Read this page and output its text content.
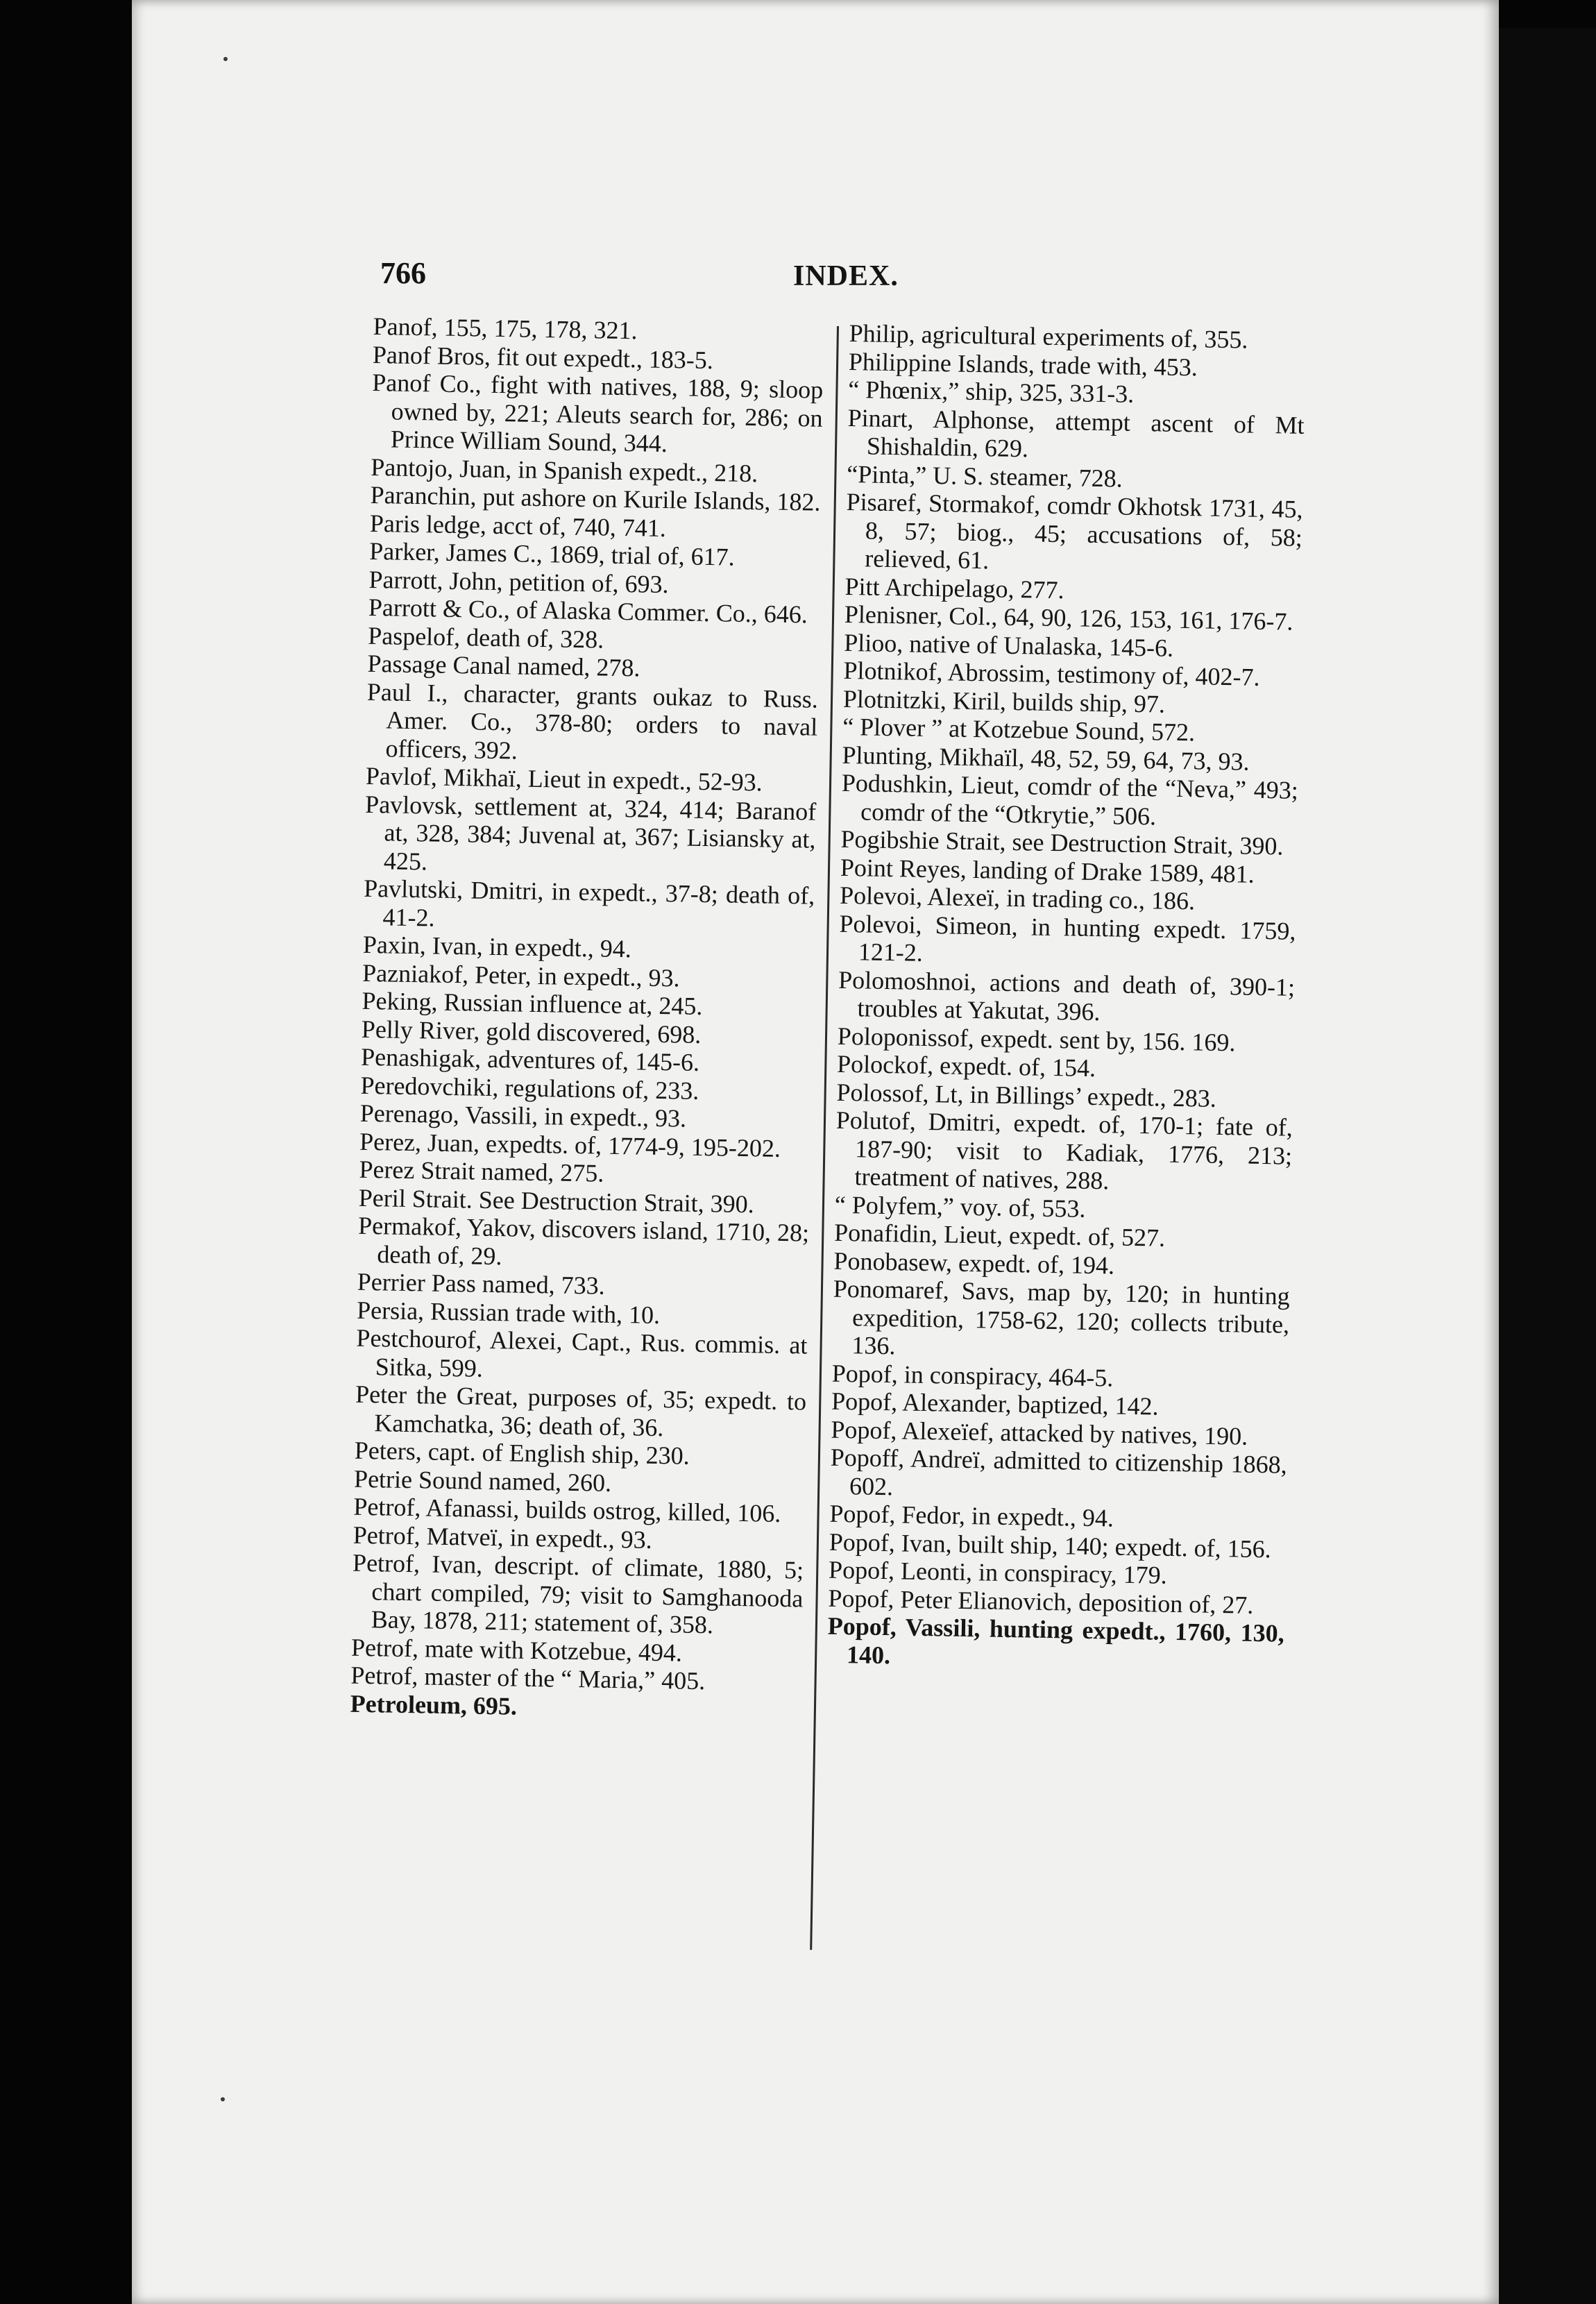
766	INDEX.

Panof, 155, 175, 178, 321.

Panof Bros, fit out expedt., 183-5.

Panof Co., fight with natives, 188, 9; sloop owned by, 221; Aleuts search for, 286; on Prince William Sound, 344.

Pantojo, Juan, in Spanish expedt., 218.

Paranchin, put ashore on Kurile Islands, 182.

Paris ledge, acct of, 740, 741.

Parker, James C., 1869, trial of, 617.

Parrott, John, petition of, 693.

Parrott & Co., of Alaska Commer. Co., 646.

Paspelof, death of, 328.

Passage Canal named, 278.

Paul I., character, grants oukaz to Russ. Amer. Co., 378-80; orders to naval officers, 392.

Pavlof, Mikhaï, Lieut in expedt., 52-93.

Pavlovsk, settlement at, 324, 414; Baranof at, 328, 384; Juvenal at, 367; Lisiansky at, 425.

Pavlutski, Dmitri, in expedt., 37-8; death of, 41-2.

Paxin, Ivan, in expedt., 94.

Pazniakof, Peter, in expedt., 93.

Peking, Russian influence at, 245.

Pelly River, gold discovered, 698.

Penashigak, adventures of, 145-6.

Peredovchiki, regulations of, 233.

Perenago, Vassili, in expedt., 93.

Perez, Juan, expedts. of, 1774-9, 195-202.

Perez Strait named, 275.

Peril Strait. See Destruction Strait, 390.

Permakof, Yakov, discovers island, 1710, 28; death of, 29.

Perrier Pass named, 733.

Persia, Russian trade with, 10.

Pestchourof, Alexei, Capt., Rus. commis. at Sitka, 599.

Peter the Great, purposes of, 35; expedt. to Kamchatka, 36; death of, 36.

Peters, capt. of English ship, 230.

Petrie Sound named, 260.

Petrof, Afanassi, builds ostrog, killed, 106.

Petrof, Matveï, in expedt., 93.

Petrof, Ivan, descript. of climate, 1880, 5; chart compiled, 79; visit to Samghanooda Bay, 1878, 211; statement of, 358.

Petrof, mate with Kotzebue, 494.

Petrof, master of the “ Maria,” 405.

Petroleum, 695.

Philip, agricultural experiments of, 355.

Philippine Islands, trade with, 453.

“ Phœnix,” ship, 325, 331-3.

Pinart, Alphonse, attempt ascent of Mt Shishaldin, 629.

“Pinta,” U. S. steamer, 728.

Pisaref, Stormakof, comdr Okhotsk 1731, 45, 8, 57; biog., 45; accusations of, 58; relieved, 61.

Pitt Archipelago, 277.

Plenisner, Col., 64, 90, 126, 153, 161, 176-7.

Plioo, native of Unalaska, 145-6.

Plotnikof, Abrossim, testimony of, 402-7.

Plotnitzki, Kiril, builds ship, 97.

“ Plover ” at Kotzebue Sound, 572.

Plunting, Mikhaïl, 48, 52, 59, 64, 73, 93.

Podushkin, Lieut, comdr of the “Neva,” 493; comdr of the “Otkrytie,” 506.

Pogibshie Strait, see Destruction Strait, 390.

Point Reyes, landing of Drake 1589, 481.

Polevoi, Alexeï, in trading co., 186.

Polevoi, Simeon, in hunting expedt. 1759, 121-2.

Polomoshnoi, actions and death of, 390-1; troubles at Yakutat, 396.

Poloponissof, expedt. sent by, 156. 169.

Polockof, expedt. of, 154.

Polossof, Lt, in Billings’ expedt., 283.

Polutof, Dmitri, expedt. of, 170-1; fate of, 187-90; visit to Kadiak, 1776, 213; treatment of natives, 288.

“ Polyfem,” voy. of, 553.

Ponafidin, Lieut, expedt. of, 527.

Ponobasew, expedt. of, 194.

Ponomaref, Savs, map by, 120; in hunting expedition, 1758-62, 120; collects tribute, 136.

Popof, in conspiracy, 464-5.

Popof, Alexander, baptized, 142.

Popof, Alexeïef, attacked by natives, 190.

Popoff, Andreï, admitted to citizenship 1868, 602.

Popof, Fedor, in expedt., 94.

Popof, Ivan, built ship, 140; expedt. of, 156.

Popof, Leonti, in conspiracy, 179.

Popof, Peter Elianovich, deposition of, 27.

Popof, Vassili, hunting expedt., 1760, 130, 140.
